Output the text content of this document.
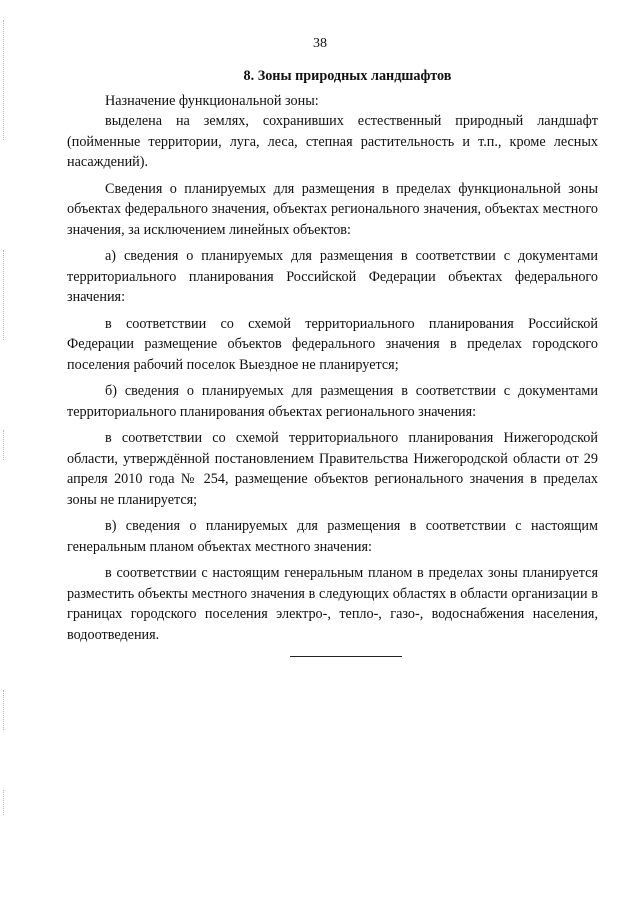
38
8. Зоны природных ландшафтов

Назначение функциональной зоны:

выделена на землях, сохранивших естественный природный ландшафт (пойменные территории, луга, леса, степная растительность и т.п., кроме лесных насаждений).

Сведения о планируемых для размещения в пределах функциональной зоны объектах федерального значения, объектах регионального значения, объектах местного значения, за исключением линейных объектов:

а) сведения о планируемых для размещения в соответствии с документами территориального планирования Российской Федерации объектах федерального значения:

в соответствии со схемой территориального планирования Российской Федерации размещение объектов федерального значения в пределах городского поселения рабочий поселок Выездное не планируется;

б) сведения о планируемых для размещения в соответствии с документами территориального планирования объектах регионального значения:

в соответствии со схемой территориального планирования Нижегородской области, утверждённой постановлением Правительства Нижегородской области от 29 апреля 2010 года № 254, размещение объектов регионального значения в пределах зоны не планируется;

в) сведения о планируемых для размещения в соответствии с настоящим генеральным планом объектах местного значения:

в соответствии с настоящим генеральным планом в пределах зоны планируется разместить объекты местного значения в следующих областях в области организации в границах городского поселения электро-, тепло-, газо-, водоснабжения населения, водоотведения.
